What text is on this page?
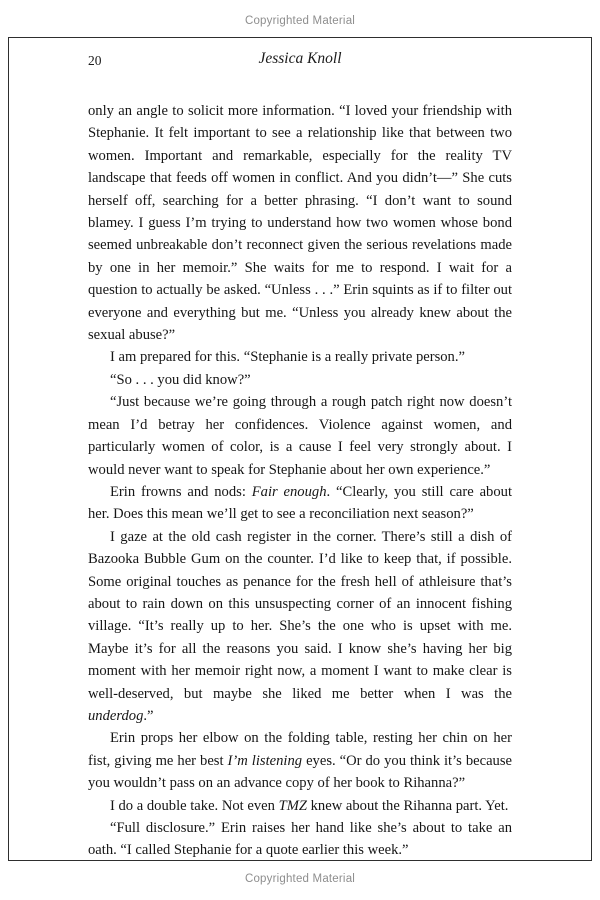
Copyrighted Material
20	Jessica Knoll

only an angle to solicit more information. “I loved your friendship with Stephanie. It felt important to see a relationship like that between two women. Important and remarkable, especially for the reality TV landscape that feeds off women in conflict. And you didn’t—” She cuts herself off, searching for a better phrasing. “I don’t want to sound blamey. I guess I’m trying to understand how two women whose bond seemed unbreakable don’t reconnect given the serious revelations made by one in her memoir.” She waits for me to respond. I wait for a question to actually be asked. “Unless . . .” Erin squints as if to filter out everyone and everything but me. “Unless you already knew about the sexual abuse?”

I am prepared for this. “Stephanie is a really private person.”

“So . . . you did know?”

“Just because we’re going through a rough patch right now doesn’t mean I’d betray her confidences. Violence against women, and particularly women of color, is a cause I feel very strongly about. I would never want to speak for Stephanie about her own experience.”

Erin frowns and nods: Fair enough. “Clearly, you still care about her. Does this mean we’ll get to see a reconciliation next season?”

I gaze at the old cash register in the corner. There’s still a dish of Bazooka Bubble Gum on the counter. I’d like to keep that, if possible. Some original touches as penance for the fresh hell of athleisure that’s about to rain down on this unsuspecting corner of an innocent fishing village. “It’s really up to her. She’s the one who is upset with me. Maybe it’s for all the reasons you said. I know she’s having her big moment with her memoir right now, a moment I want to make clear is well-deserved, but maybe she liked me better when I was the underdog.”

Erin props her elbow on the folding table, resting her chin on her fist, giving me her best I’m listening eyes. “Or do you think it’s because you wouldn’t pass on an advance copy of her book to Rihanna?”

I do a double take. Not even TMZ knew about the Rihanna part. Yet.

“Full disclosure.” Erin raises her hand like she’s about to take an oath. “I called Stephanie for a quote earlier this week.”

Copyrighted Material
